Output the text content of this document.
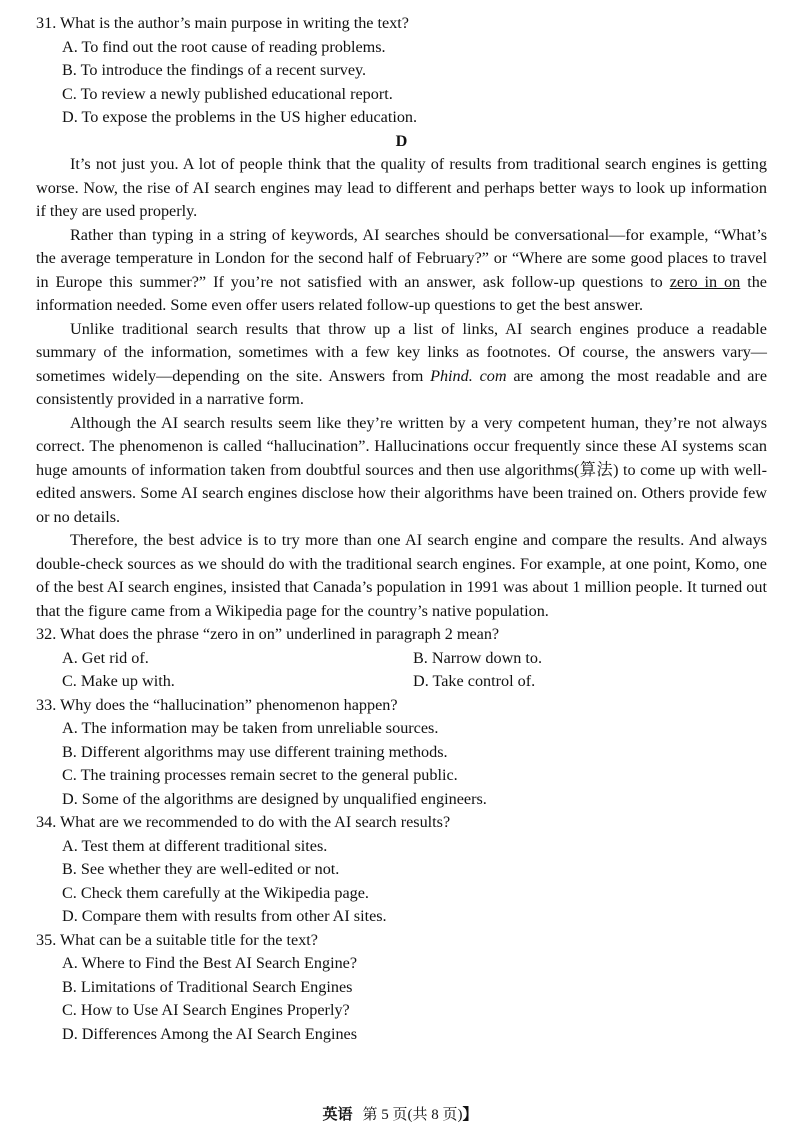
31. What is the author’s main purpose in writing the text?
A. To find out the root cause of reading problems.
B. To introduce the findings of a recent survey.
C. To review a newly published educational report.
D. To expose the problems in the US higher education.
D
It’s not just you. A lot of people think that the quality of results from traditional search engines is getting worse. Now, the rise of AI search engines may lead to different and perhaps better ways to look up information if they are used properly.
Rather than typing in a string of keywords, AI searches should be conversational—for example, “What’s the average temperature in London for the second half of February?” or “Where are some good places to travel in Europe this summer?” If you’re not satisfied with an answer, ask follow-up questions to zero in on the information needed. Some even offer users related follow-up questions to get the best answer.
Unlike traditional search results that throw up a list of links, AI search engines produce a readable summary of the information, sometimes with a few key links as footnotes. Of course, the answers vary—sometimes widely—depending on the site. Answers from Phind. com are among the most readable and are consistently provided in a narrative form.
Although the AI search results seem like they’re written by a very competent human, they’re not always correct. The phenomenon is called “hallucination”. Hallucinations occur frequently since these AI systems scan huge amounts of information taken from doubtful sources and then use algorithms(算法) to come up with well-edited answers. Some AI search engines disclose how their algorithms have been trained on. Others provide few or no details.
Therefore, the best advice is to try more than one AI search engine and compare the results. And always double-check sources as we should do with the traditional search engines. For example, at one point, Komo, one of the best AI search engines, insisted that Canada’s population in 1991 was about 1 million people. It turned out that the figure came from a Wikipedia page for the country’s native population.
32. What does the phrase “zero in on” underlined in paragraph 2 mean?
A. Get rid of.	B. Narrow down to.
C. Make up with.	D. Take control of.
33. Why does the “hallucination” phenomenon happen?
A. The information may be taken from unreliable sources.
B. Different algorithms may use different training methods.
C. The training processes remain secret to the general public.
D. Some of the algorithms are designed by unqualified engineers.
34. What are we recommended to do with the AI search results?
A. Test them at different traditional sites.
B. See whether they are well-edited or not.
C. Check them carefully at the Wikipedia page.
D. Compare them with results from other AI sites.
35. What can be a suitable title for the text?
A. Where to Find the Best AI Search Engine?
B. Limitations of Traditional Search Engines
C. How to Use AI Search Engines Properly?
D. Differences Among the AI Search Engines
英语 第 5 页(共 8 页)】
